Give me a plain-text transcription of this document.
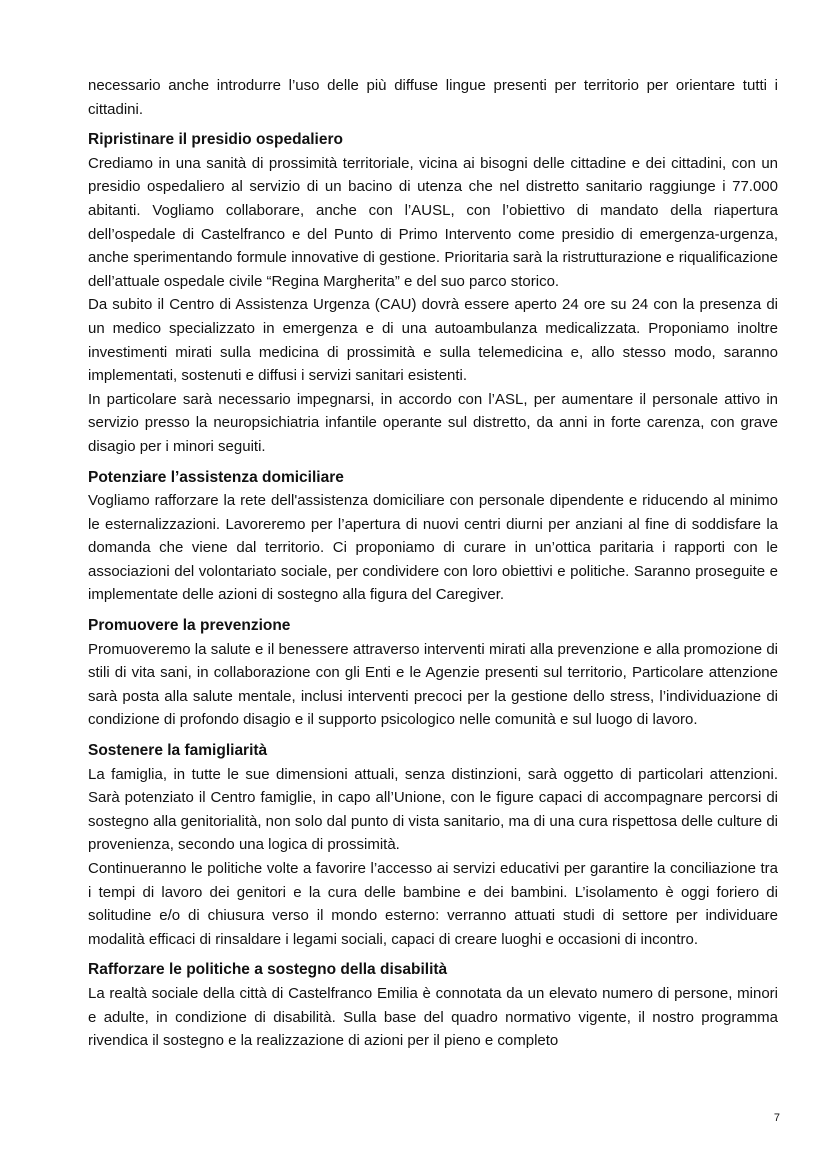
necessario anche introdurre l’uso delle più diffuse lingue presenti per territorio per orientare tutti i cittadini.

Ripristinare il presidio ospedaliero

Crediamo in una sanità di prossimità territoriale, vicina ai bisogni delle cittadine e dei cittadini, con un presidio ospedaliero al servizio di un bacino di utenza che nel distretto sanitario raggiunge i 77.000 abitanti. Vogliamo collaborare, anche con l’AUSL, con l’obiettivo di mandato della riapertura dell’ospedale di Castelfranco e del Punto di Primo Intervento come presidio di emergenza-urgenza, anche sperimentando formule innovative di gestione. Prioritaria sarà la ristrutturazione e riqualificazione dell’attuale ospedale civile “Regina Margherita” e del suo parco storico.

Da subito il Centro di Assistenza Urgenza (CAU) dovrà essere aperto 24 ore su 24 con la presenza di un medico specializzato in emergenza e di una autoambulanza medicalizzata. Proponiamo inoltre investimenti mirati sulla medicina di prossimità e sulla telemedicina e, allo stesso modo, saranno implementati, sostenuti e diffusi i servizi sanitari esistenti.

In particolare sarà necessario impegnarsi, in accordo con l’ASL, per aumentare il personale attivo in servizio presso la neuropsichiatria infantile operante sul distretto, da anni in forte carenza, con grave disagio per i minori seguiti.

Potenziare l’assistenza domiciliare

Vogliamo rafforzare la rete dell'assistenza domiciliare con personale dipendente e riducendo al minimo le esternalizzazioni. Lavoreremo per l’apertura di nuovi centri diurni per anziani al fine di soddisfare la domanda che viene dal territorio. Ci proponiamo di curare in un’ottica paritaria i rapporti con le associazioni del volontariato sociale, per condividere con loro obiettivi e politiche. Saranno proseguite e implementate delle azioni di sostegno alla figura del Caregiver.

Promuovere la prevenzione

Promuoveremo la salute e il benessere attraverso interventi mirati alla prevenzione e alla promozione di stili di vita sani, in collaborazione con gli Enti e le Agenzie presenti sul territorio, Particolare attenzione sarà posta alla salute mentale, inclusi interventi precoci per la gestione dello stress, l’individuazione di condizione di profondo disagio e il supporto psicologico nelle comunità e sul luogo di lavoro.

Sostenere la famigliarità

La famiglia, in tutte le sue dimensioni attuali, senza distinzioni, sarà oggetto di particolari attenzioni. Sarà potenziato il Centro famiglie, in capo all’Unione, con le figure capaci di accompagnare percorsi di sostegno alla genitorialità, non solo dal punto di vista sanitario, ma di una cura rispettosa delle culture di provenienza, secondo una logica di prossimità.

Continueranno le politiche volte a favorire l’accesso ai servizi educativi per garantire la conciliazione tra i tempi di lavoro dei genitori e la cura delle bambine e dei bambini. L’isolamento è oggi foriero di solitudine e/o di chiusura verso il mondo esterno: verranno attuati studi di settore per individuare modalità efficaci di rinsaldare i legami sociali, capaci di creare luoghi e occasioni di incontro.

Rafforzare le politiche a sostegno della disabilità

La realtà sociale della città di Castelfranco Emilia è connotata da un elevato numero di persone, minori e adulte, in condizione di disabilità. Sulla base del quadro normativo vigente, il nostro programma rivendica il sostegno e la realizzazione di azioni per il pieno e completo

7
